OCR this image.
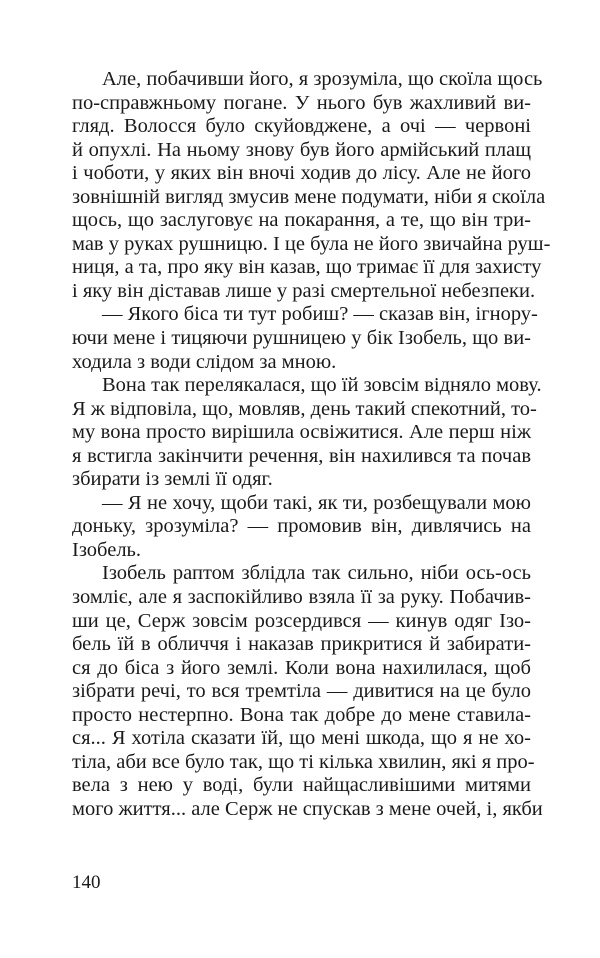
Але, побачивши його, я зрозуміла, що скоїла щось
по-справжньому погане. У нього був жахливий ви-
гляд. Волосся було скуйовджене, а очі — червоні
й опухлі. На ньому знову був його армійський плащ
і чоботи, у яких він вночі ходив до лісу. Але не його
зовнішній вигляд змусив мене подумати, ніби я скоїла
щось, що заслуговує на покарання, а те, що він три-
мав у руках рушницю. І це була не його звичайна руш-
ниця, а та, про яку він казав, що тримає її для захисту
і яку він діставав лише у разі смертельної небезпеки.
— Якого біса ти тут робиш? — сказав він, ігнору-
ючи мене і тицяючи рушницею у бік Ізобель, що ви-
ходила з води слідом за мною.
Вона так перелякалася, що їй зовсім відняло мову.
Я ж відповіла, що, мовляв, день такий спекотний, то-
му вона просто вирішила освіжитися. Але перш ніж
я встигла закінчити речення, він нахилився та почав
збирати із землі її одяг.
— Я не хочу, щоби такі, як ти, розбещували мою
доньку, зрозуміла? — промовив він, дивлячись на
Ізобель.
Ізобель раптом зблідла так сильно, ніби ось-ось
зомліє, але я заспокійливо взяла її за руку. Побачив-
ши це, Серж зовсім розсердився — кинув одяг Ізо-
бель їй в обличчя і наказав прикритися й забирати-
ся до біса з його землі. Коли вона нахилилася, щоб
зібрати речі, то вся тремтіла — дивитися на це було
просто нестерпно. Вона так добре до мене ставила-
ся... Я хотіла сказати їй, що мені шкода, що я не хо-
тіла, аби все було так, що ті кілька хвилин, які я про-
вела з нею у воді, були найщасливішими митями
мого життя... але Серж не спускав з мене очей, і, якби
140
